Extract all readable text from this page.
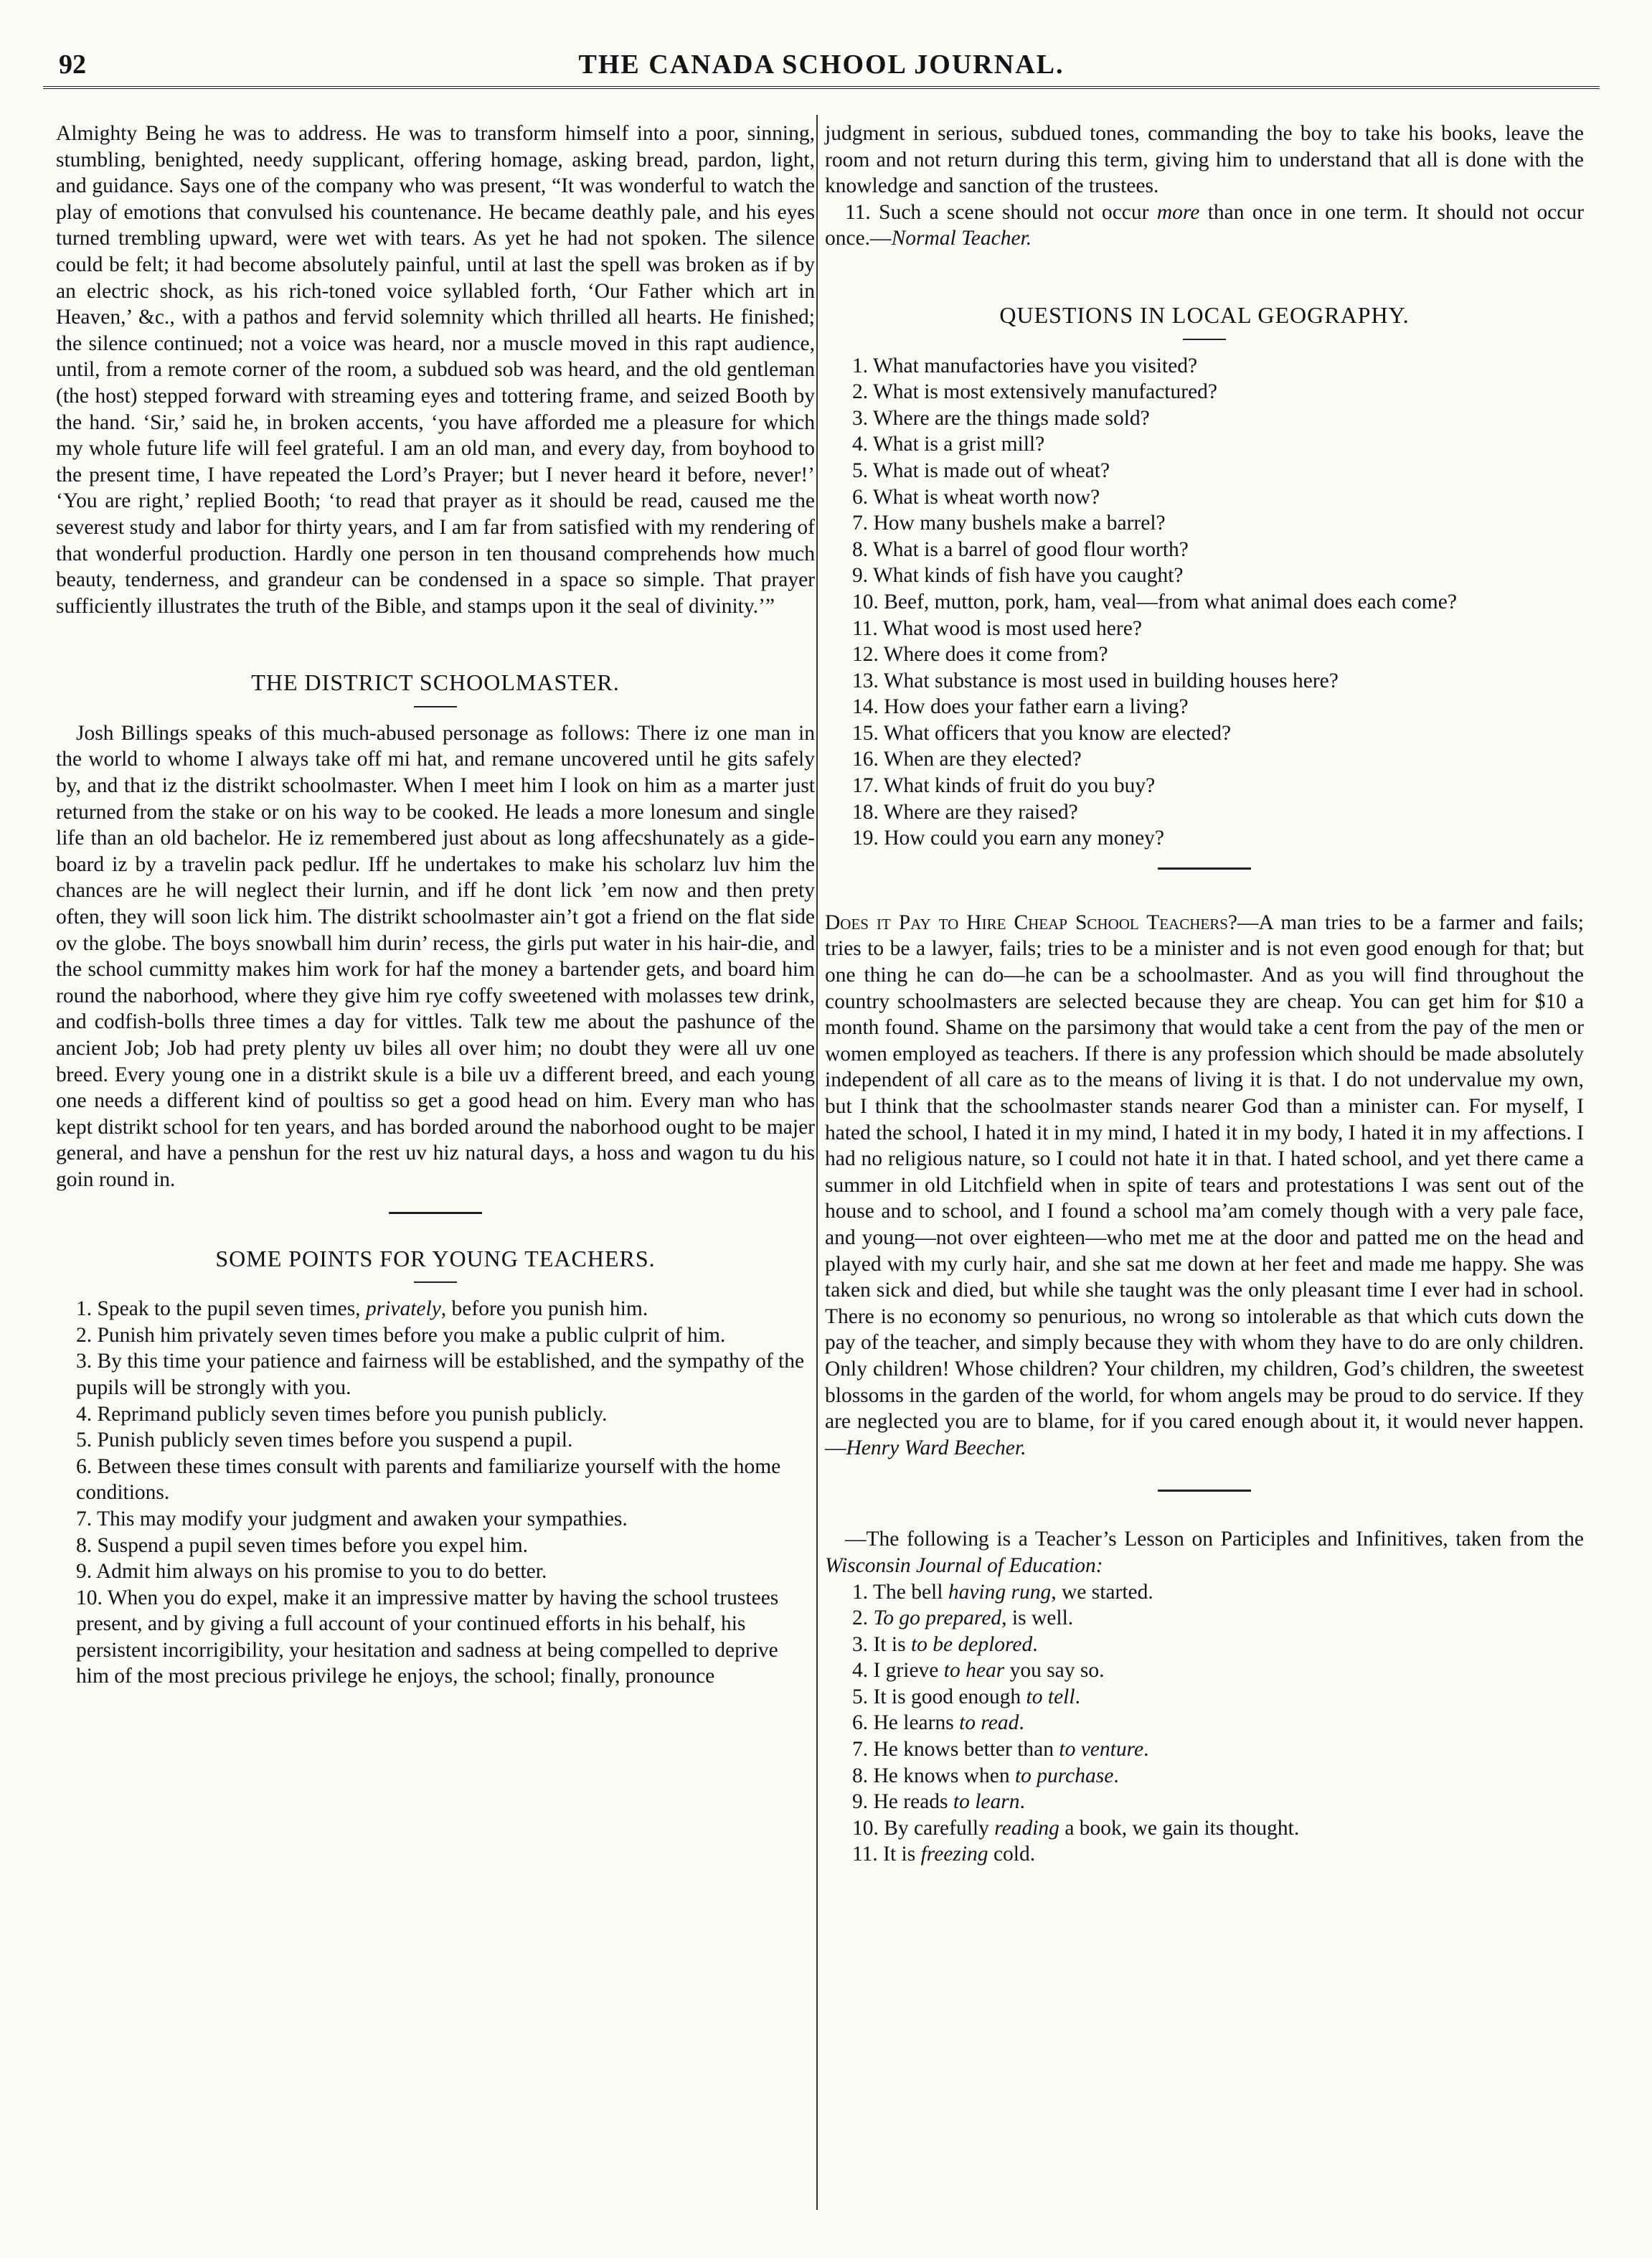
92	THE CANADA SCHOOL JOURNAL.

Almighty Being he was to address. He was to transform himself into a poor, sinning, stumbling, benighted, needy supplicant, offering homage, asking bread, pardon, light, and guidance. Says one of the company who was present, “It was wonderful to watch the play of emotions that convulsed his countenance. He became deathly pale, and his eyes turned trembling upward, were wet with tears. As yet he had not spoken. The silence could be felt; it had become absolutely painful, until at last the spell was broken as if by an electric shock, as his rich-toned voice syllabled forth, ‘Our Father which art in Heaven,’ &c., with a pathos and fervid solemnity which thrilled all hearts. He finished; the silence continued; not a voice was heard, nor a muscle moved in this rapt audience, until, from a remote corner of the room, a subdued sob was heard, and the old gentleman (the host) stepped forward with streaming eyes and tottering frame, and seized Booth by the hand. ‘Sir,’ said he, in broken accents, ‘you have afforded me a pleasure for which my whole future life will feel grateful. I am an old man, and every day, from boyhood to the present time, I have repeated the Lord’s Prayer; but I never heard it before, never!’ ‘You are right,’ replied Booth; ‘to read that prayer as it should be read, caused me the severest study and labor for thirty years, and I am far from satisfied with my rendering of that wonderful production. Hardly one person in ten thousand comprehends how much beauty, tenderness, and grandeur can be condensed in a space so simple. That prayer sufficiently illustrates the truth of the Bible, and stamps upon it the seal of divinity.’”

THE DISTRICT SCHOOLMASTER.

Josh Billings speaks of this much-abused personage as follows: There iz one man in the world to whome I always take off mi hat, and remane uncovered until he gits safely by, and that iz the distrikt schoolmaster. When I meet him I look on him as a marter just returned from the stake or on his way to be cooked. He leads a more lonesum and single life than an old bachelor. He iz remembered just about as long affecshunately as a gide-board iz by a travelin pack pedlur. Iff he undertakes to make his scholarz luv him the chances are he will neglect their lurnin, and iff he dont lick ’em now and then prety often, they will soon lick him. The distrikt schoolmaster ain’t got a friend on the flat side ov the globe. The boys snowball him durin’ recess, the girls put water in his hair-die, and the school cummitty makes him work for haf the money a bartender gets, and board him round the naborhood, where they give him rye coffy sweetened with molasses tew drink, and codfish-bolls three times a day for vittles. Talk tew me about the pashunce of the ancient Job; Job had prety plenty uv biles all over him; no doubt they were all uv one breed. Every young one in a distrikt skule is a bile uv a different breed, and each young one needs a different kind of poultiss so get a good head on him. Every man who has kept distrikt school for ten years, and has borded around the naborhood ought to be majer general, and have a penshun for the rest uv hiz natural days, a hoss and wagon tu du his goin round in.

SOME POINTS FOR YOUNG TEACHERS.
1. Speak to the pupil seven times, privately, before you punish him.
2. Punish him privately seven times before you make a public culprit of him.
3. By this time your patience and fairness will be established, and the sympathy of the pupils will be strongly with you.
4. Reprimand publicly seven times before you punish publicly.
5. Punish publicly seven times before you suspend a pupil.
6. Between these times consult with parents and familiarize yourself with the home conditions.
7. This may modify your judgment and awaken your sympathies.
8. Suspend a pupil seven times before you expel him.
9. Admit him always on his promise to you to do better.
10. When you do expel, make it an impressive matter by having the school trustees present, and by giving a full account of your continued efforts in his behalf, his persistent incorrigibility, your hesitation and sadness at being compelled to deprive him of the most precious privilege he enjoys, the school; finally, pronounce

judgment in serious, subdued tones, commanding the boy to take his books, leave the room and not return during this term, giving him to understand that all is done with the knowledge and sanction of the trustees.

11. Such a scene should not occur more than once in one term. It should not occur once.—Normal Teacher.

QUESTIONS IN LOCAL GEOGRAPHY.
1. What manufactories have you visited?
2. What is most extensively manufactured?
3. Where are the things made sold?
4. What is a grist mill?
5. What is made out of wheat?
6. What is wheat worth now?
7. How many bushels make a barrel?
8. What is a barrel of good flour worth?
9. What kinds of fish have you caught?
10. Beef, mutton, pork, ham, veal—from what animal does each come?
11. What wood is most used here?
12. Where does it come from?
13. What substance is most used in building houses here?
14. How does your father earn a living?
15. What officers that you know are elected?
16. When are they elected?
17. What kinds of fruit do you buy?
18. Where are they raised?
19. How could you earn any money?

Does it Pay to Hire Cheap School Teachers?—A man tries to be a farmer and fails; tries to be a lawyer, fails; tries to be a minister and is not even good enough for that; but one thing he can do—he can be a schoolmaster. And as you will find throughout the country schoolmasters are selected because they are cheap. You can get him for $10 a month found. Shame on the parsimony that would take a cent from the pay of the men or women employed as teachers. If there is any profession which should be made absolutely independent of all care as to the means of living it is that. I do not undervalue my own, but I think that the schoolmaster stands nearer God than a minister can. For myself, I hated the school, I hated it in my mind, I hated it in my body, I hated it in my affections. I had no religious nature, so I could not hate it in that. I hated school, and yet there came a summer in old Litchfield when in spite of tears and protestations I was sent out of the house and to school, and I found a school ma’am comely though with a very pale face, and young—not over eighteen—who met me at the door and patted me on the head and played with my curly hair, and she sat me down at her feet and made me happy. She was taken sick and died, but while she taught was the only pleasant time I ever had in school. There is no economy so penurious, no wrong so intolerable as that which cuts down the pay of the teacher, and simply because they with whom they have to do are only children. Only children! Whose children? Your children, my children, God’s children, the sweetest blossoms in the garden of the world, for whom angels may be proud to do service. If they are neglected you are to blame, for if you cared enough about it, it would never happen.—Henry Ward Beecher.

—The following is a Teacher’s Lesson on Participles and Infinitives, taken from the Wisconsin Journal of Education:

1. The bell having rung, we started.
2. To go prepared, is well.
3. It is to be deplored.
4. I grieve to hear you say so.
5. It is good enough to tell.
6. He learns to read.
7. He knows better than to venture.
8. He knows when to purchase.
9. He reads to learn.
10. By carefully reading a book, we gain its thought.
11. It is freezing cold.
